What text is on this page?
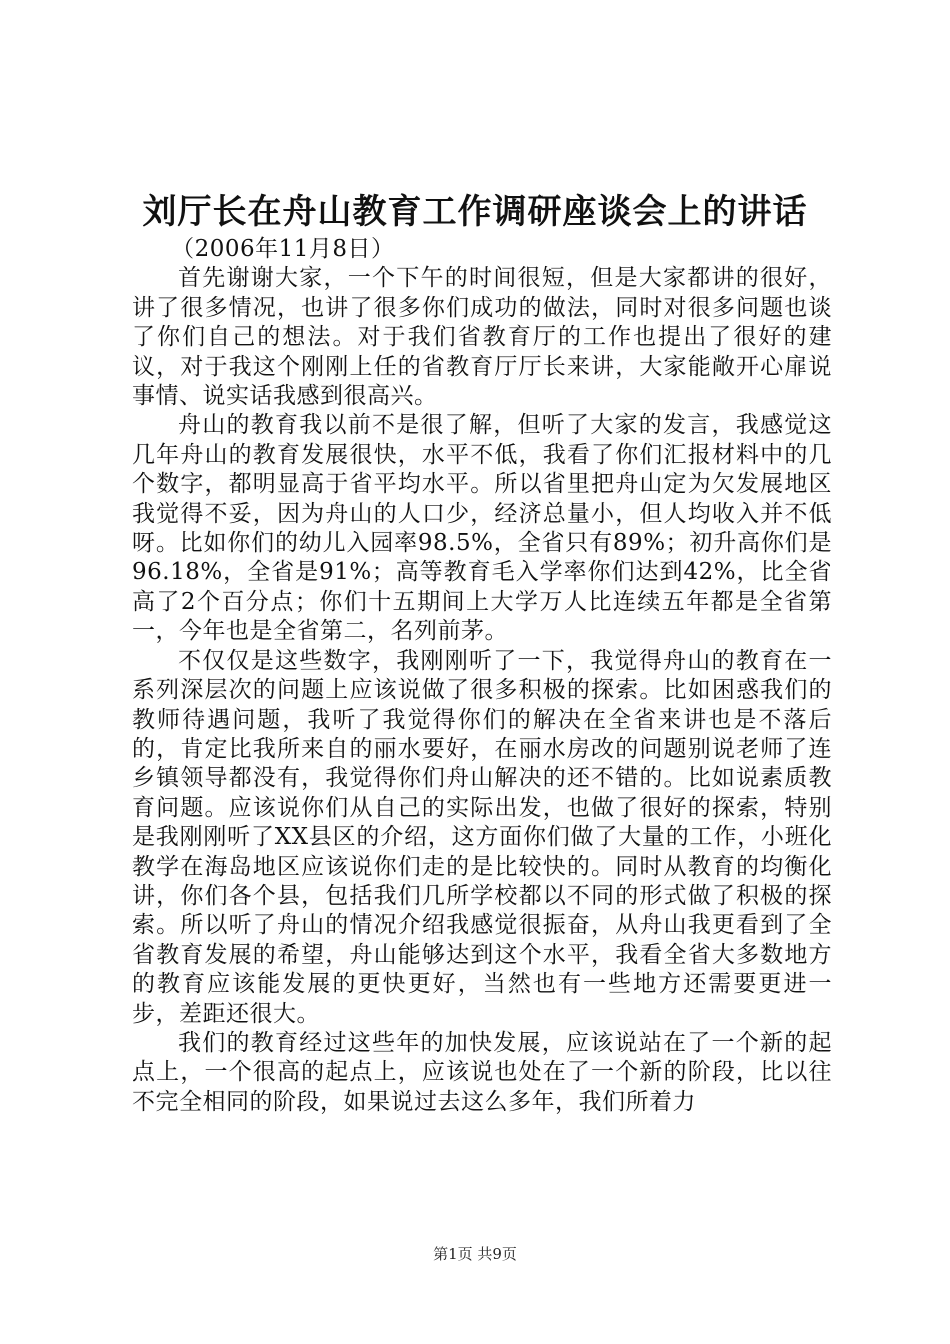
刘厅长在舟山教育工作调研座谈会上的讲话

（2006年11月8日）

首先谢谢大家，一个下午的时间很短，但是大家都讲的很好，讲了很多情况，也讲了很多你们成功的做法，同时对很多问题也谈了你们自己的想法。对于我们省教育厅的工作也提出了很好的建议，对于我这个刚刚上任的省教育厅厅长来讲，大家能敞开心扉说事情、说实话我感到很高兴。

舟山的教育我以前不是很了解，但听了大家的发言，我感觉这几年舟山的教育发展很快，水平不低，我看了你们汇报材料中的几个数字，都明显高于省平均水平。所以省里把舟山定为欠发展地区我觉得不妥，因为舟山的人口少，经济总量小，但人均收入并不低呀。比如你们的幼儿入园率98.5%，全省只有89%；初升高你们是96.18%，全省是91%；高等教育毛入学率你们达到42%，比全省高了2个百分点；你们十五期间上大学万人比连续五年都是全省第一，今年也是全省第二，名列前茅。

不仅仅是这些数字，我刚刚听了一下，我觉得舟山的教育在一系列深层次的问题上应该说做了很多积极的探索。比如困惑我们的教师待遇问题，我听了我觉得你们的解决在全省来讲也是不落后的，肯定比我所来自的丽水要好，在丽水房改的问题别说老师了连乡镇领导都没有，我觉得你们舟山解决的还不错的。比如说素质教育问题。应该说你们从自己的实际出发，也做了很好的探索，特别是我刚刚听了XX县区的介绍，这方面你们做了大量的工作，小班化教学在海岛地区应该说你们走的是比较快的。同时从教育的均衡化讲，你们各个县，包括我们几所学校都以不同的形式做了积极的探索。所以听了舟山的情况介绍我感觉很振奋，从舟山我更看到了全省教育发展的希望，舟山能够达到这个水平，我看全省大多数地方的教育应该能发展的更快更好，当然也有一些地方还需要更进一步，差距还很大。

我们的教育经过这些年的加快发展，应该说站在了一个新的起点上，一个很高的起点上，应该说也处在了一个新的阶段，比以往不完全相同的阶段，如果说过去这么多年，我们所着力

第1页 共9页
